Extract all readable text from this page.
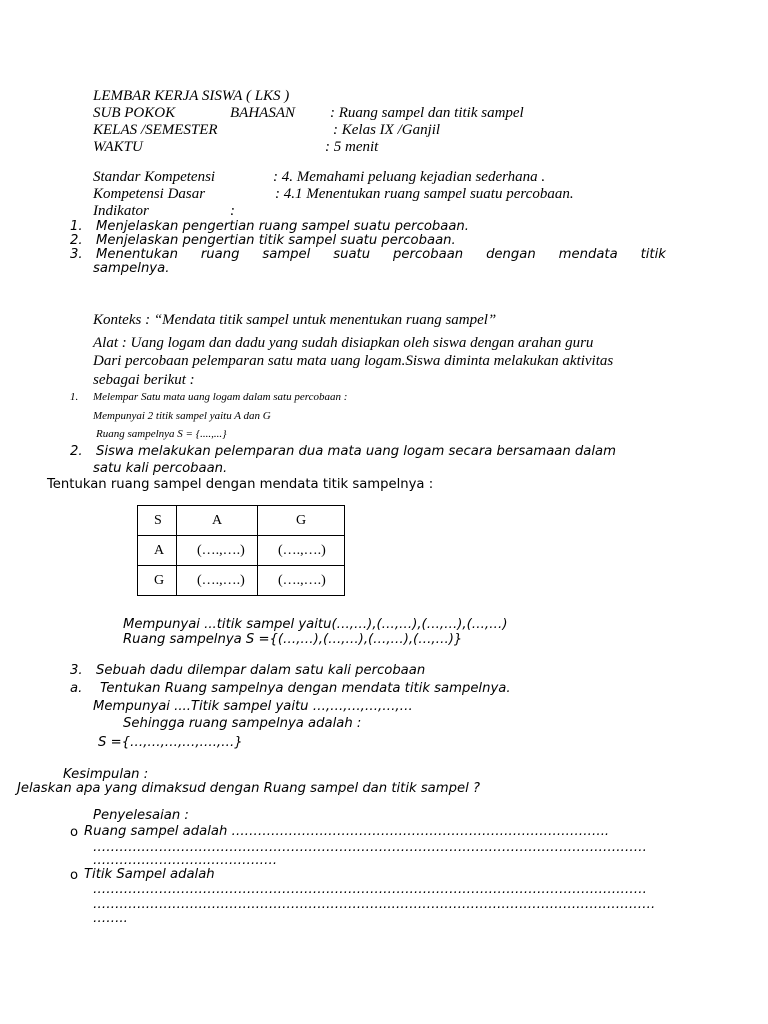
LEMBAR KERJA SISWA ( LKS )
SUB POKOK	BAHASAN : Ruang sampel dan titik sampel
KELAS /SEMESTER	: Kelas IX /Ganjil
WAKTU	: 5 menit
Standar Kompetensi	: 4. Memahami peluang kejadian sederhana .
Kompetensi Dasar	: 4.1 Menentukan ruang sampel suatu percobaan.
Indikator	:
1. Menjelaskan pengertian ruang sampel suatu percobaan.
2. Menjelaskan pengertian titik sampel suatu percobaan.
3. Menentukan ruang sampel suatu percobaan dengan mendata titik
sampelnya.
Konteks : “Mendata titik sampel untuk menentukan ruang sampel”
Alat : Uang logam dan dadu yang sudah disiapkan oleh siswa dengan arahan guru
Dari percobaan pelemparan satu mata uang logam.Siswa diminta melakukan aktivitas
sebagai berikut :
1. Melempar Satu mata uang logam dalam satu percobaan :
Mempunyai 2 titik sampel yaitu A dan G
Ruang sampelnya S = {....,...}
2. Siswa melakukan pelemparan dua mata uang logam secara bersamaan dalam
satu kali percobaan.
Tentukan ruang sampel dengan mendata titik sampelnya :
S	A	G
A	(….,….)	(….,….)
G	(….,….)	(….,….)
Mempunyai ...titik sampel yaitu(…,…),(…,…),(…,…),(…,…)
Ruang sampelnya S ={(…,…),(…,…),(…,…),(…,…)}
3. Sebuah dadu dilempar dalam satu kali percobaan
a. Tentukan Ruang sampelnya dengan mendata titik sampelnya.
Mempunyai ....Titik sampel yaitu …,…,…,…,…,…
Sehingga ruang sampelnya adalah :
S ={…,…,…,…,….,…}
Kesimpulan :
Jelaskan apa yang dimaksud dengan Ruang sampel dan titik sampel ?
Penyelesaian :
o Ruang sampel adalah …………………………………………………………………………..
………………………………………………………………………………………………………………
……………………..…………….
o Titik Sampel adalah
………………………………………………………………………………………………………………
…………………………………………………………..……………………………………………………
……..
